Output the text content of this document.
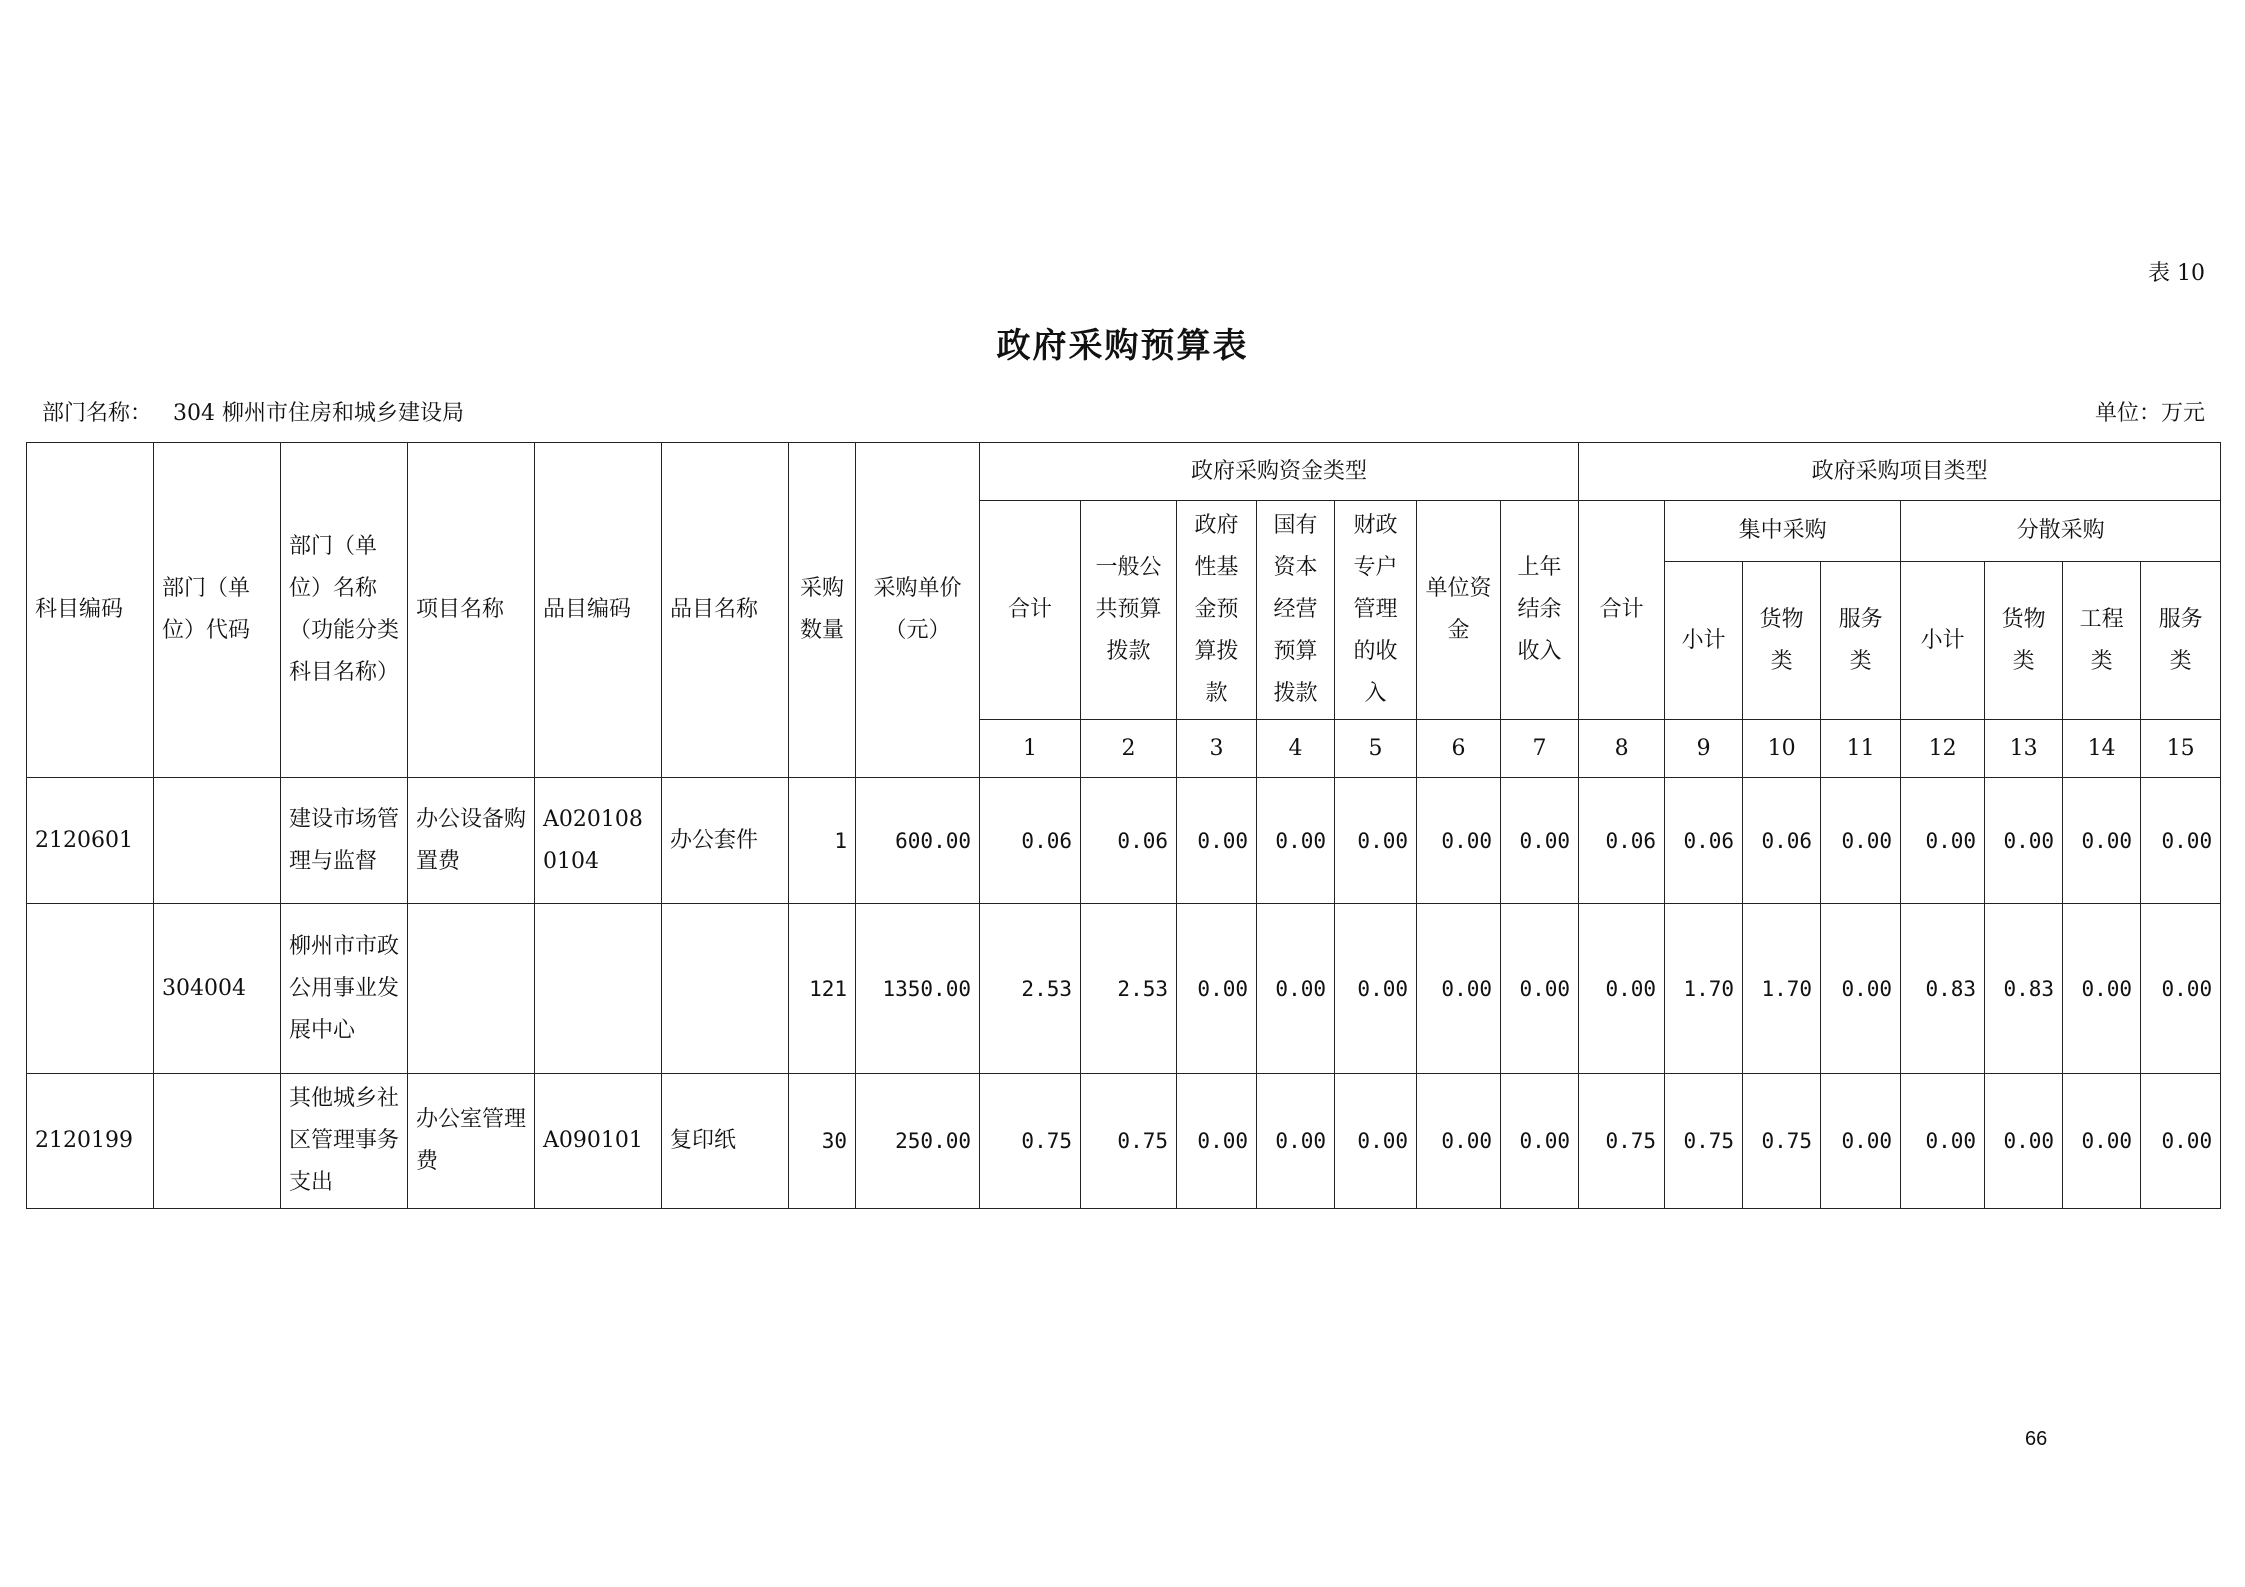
表 10
政府采购预算表
部门名称： 304 柳州市住房和城乡建设局	单位：万元
科目编码	部门（单位）代码	部门（单位）名称（功能分类科目名称）	项目名称	品目编码	品目名称	采购数量	采购单价（元）	政府采购资金类型							政府采购项目类型							
								合计	一般公共预算拨款	政府性基金预算拨款	国有资本经营预算拨款	财政专户管理的收入	单位资金	上年结余收入	合计	集中采购			分散采购			
																小计	货物类	服务类	小计	货物类	工程类	服务类
								1	2	3	4	5	6	7	8	9	10	11	12	13	14	15
2120601		建设市场管理与监督	办公设备购置费	A0201080104	办公套件	1	600.00	0.06	0.06	0.00	0.00	0.00	0.00	0.00	0.06	0.06	0.06	0.00	0.00	0.00	0.00	0.00
	304004	柳州市市政公用事业发展中心				121	1350.00	2.53	2.53	0.00	0.00	0.00	0.00	0.00	0.00	1.70	1.70	0.00	0.83	0.83	0.00	0.00
2120199		其他城乡社区管理事务支出	办公室管理费	A090101	复印纸	30	250.00	0.75	0.75	0.00	0.00	0.00	0.00	0.00	0.75	0.75	0.75	0.00	0.00	0.00	0.00	0.00
66
